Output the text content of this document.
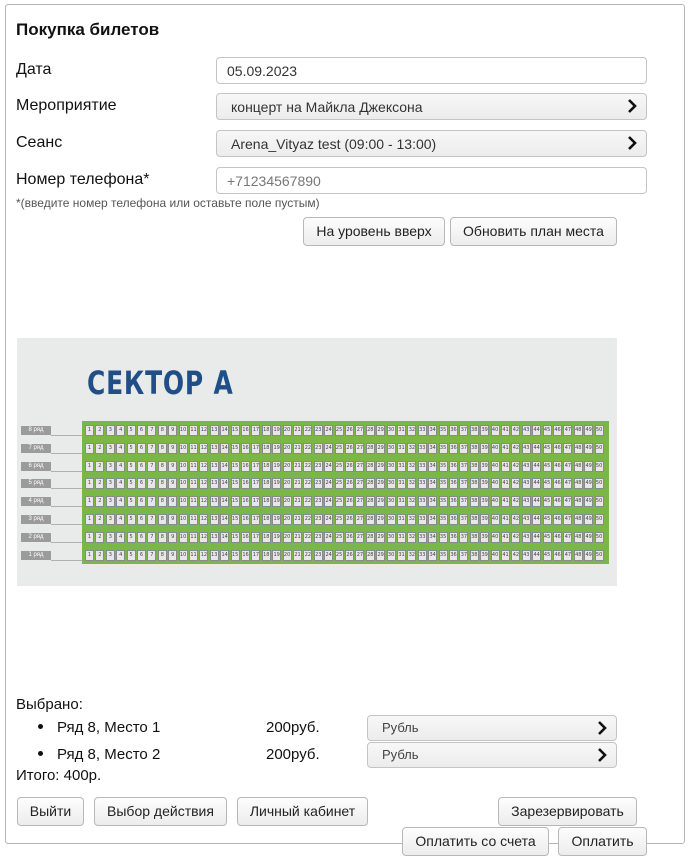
Покупка билетов
Дата	05.09.2023
Мероприятие	концерт на Майкла Джексона
Сеанс	Arena_Vityaz test (09:00 - 13:00)
Номер телефона*	+71234567890
*(введите номер телефона или оставьте поле пустым)
На уровень вверх	Обновить план места
СЕКТОР А
8 ряд	1	2	3	4	5	6	7	8	9	10 11 12 13 14 15 16 17 18 19 20 21 22 23 24 25 26 27 28 29 30 31 32 33 34 35 36 37 38 39 40 41 42 43 44 45 46 47 48 49 50
7 ряд	1	2	3	4	5	6	7	8	9	10 11 12 13 14 15 16 17 18 19 20 21 22 23 24 25 26 27 28 29 30 31 32 33 34 35 36 37 38 39 40 41 42 43 44 45 46 47 48 49 50
6 ряд	1	2	3	4	5	6	7	8	9	10 11 12 13 14 15 16 17 18 19 20 21 22 23 24 25 26 27 28 29 30 31 32 33 34 35 36 37 38 39 40 41 42 43 44 45 46 47 48 49 50
5 ряд	1	2	3	4	5	6	7	8	9	10 11 12 13 14 15 16 17 18 19 20 21 22 23 24 25 26 27 28 29 30 31 32 33 34 35 36 37 38 39 40 41 42 43 44 45 46 47 48 49 50
4 ряд	1	2	3	4	5	6	7	8	9	10 11 12 13 14 15 16 17 18 19 20 21 22 23 24 25 26 27 28 29 30 31 32 33 34 35 36 37 38 39 40 41 42 43 44 45 46 47 48 49 50
3 ряд	1	2	3	4	5	6	7	8	9	10 11 12 13 14 15 16 17 18 19 20 21 22 23 24 25 26 27 28 29 30 31 32 33 34 35 36 37 38 39 40 41 42 43 44 45 46 47 48 49 50
2 ряд	1	2	3	4	5	6	7	8	9	10 11 12 13 14 15 16 17 18 19 20 21 22 23 24 25 26 27 28 29 30 31 32 33 34 35 36 37 38 39 40 41 42 43 44 45 46 47 48 49 50
1 ряд	1	2	3	4	5	6	7	8	9	10 11 12 13 14 15 16 17 18 19 20 21 22 23 24 25 26 27 28 29 30 31 32 33 34 35 36 37 38 39 40 41 42 43 44 45 46 47 48 49 50
Выбрано:
Ряд 8, Место 1	200руб.	Рубль
Ряд 8, Место 2	200руб.	Рубль
Итого: 400р.
Выйти	Выбор действия	Личный кабинет	Зарезервировать
Оплатить со счета	Оплатить
